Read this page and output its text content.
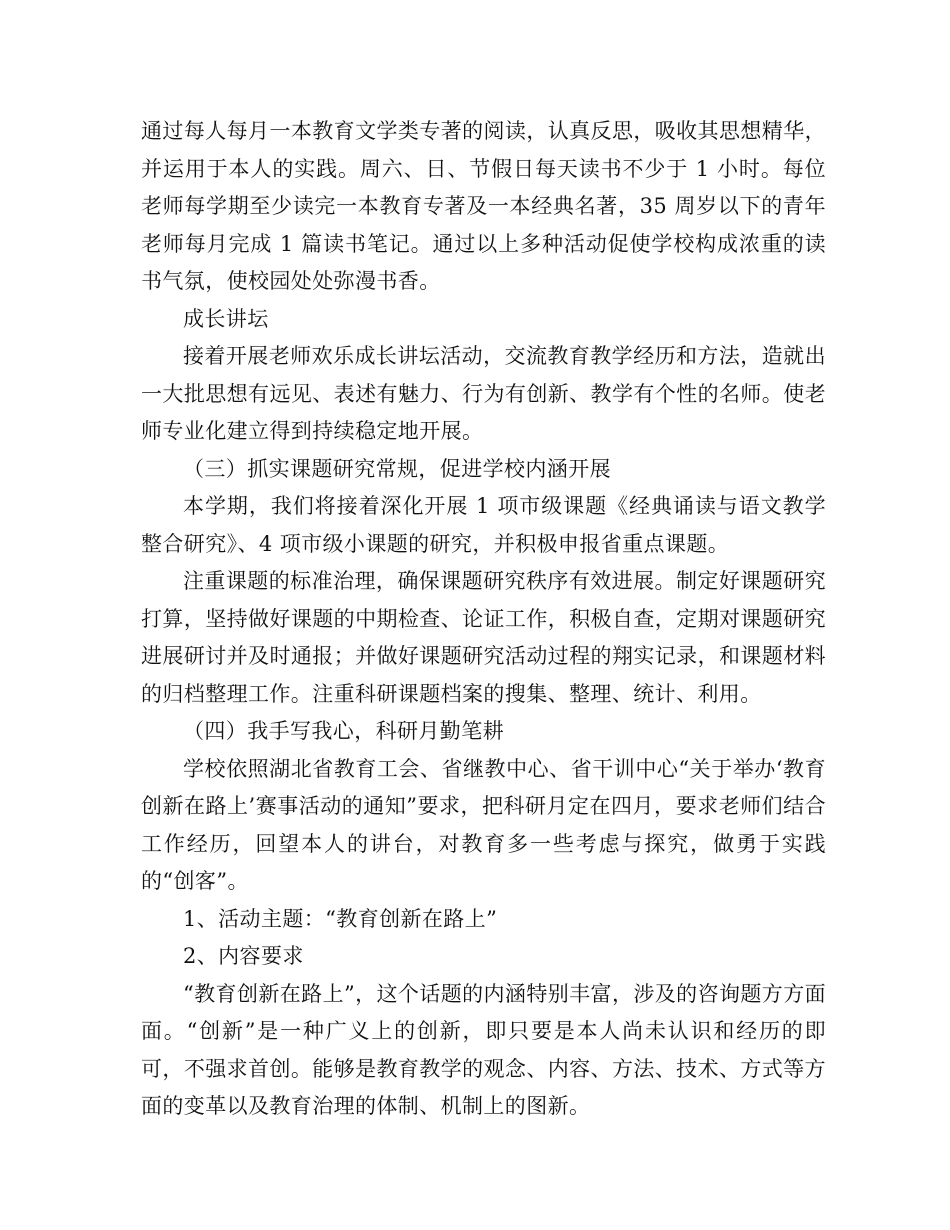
通过每人每月一本教育文学类专著的阅读，认真反思，吸收其思想精华，并运用于本人的实践。周六、日、节假日每天读书不少于 1 小时。每位老师每学期至少读完一本教育专著及一本经典名著，35 周岁以下的青年老师每月完成 1 篇读书笔记。通过以上多种活动促使学校构成浓重的读书气氛，使校园处处弥漫书香。

成长讲坛

接着开展老师欢乐成长讲坛活动，交流教育教学经历和方法，造就出一大批思想有远见、表述有魅力、行为有创新、教学有个性的名师。使老师专业化建立得到持续稳定地开展。

（三）抓实课题研究常规，促进学校内涵开展

本学期，我们将接着深化开展 1 项市级课题《经典诵读与语文教学整合研究》、4 项市级小课题的研究，并积极申报省重点课题。

注重课题的标准治理，确保课题研究秩序有效进展。制定好课题研究打算，坚持做好课题的中期检查、论证工作，积极自查，定期对课题研究进展研讨并及时通报；并做好课题研究活动过程的翔实记录，和课题材料的归档整理工作。注重科研课题档案的搜集、整理、统计、利用。

（四）我手写我心，科研月勤笔耕

学校依照湖北省教育工会、省继教中心、省干训中心“关于举办‘教育创新在路上’赛事活动的通知”要求，把科研月定在四月，要求老师们结合工作经历，回望本人的讲台，对教育多一些考虑与探究，做勇于实践的“创客”。

1、活动主题：“教育创新在路上”

2、内容要求

“教育创新在路上”，这个话题的内涵特别丰富，涉及的咨询题方方面面。“创新”是一种广义上的创新，即只要是本人尚未认识和经历的即可，不强求首创。能够是教育教学的观念、内容、方法、技术、方式等方面的变革以及教育治理的体制、机制上的图新。
